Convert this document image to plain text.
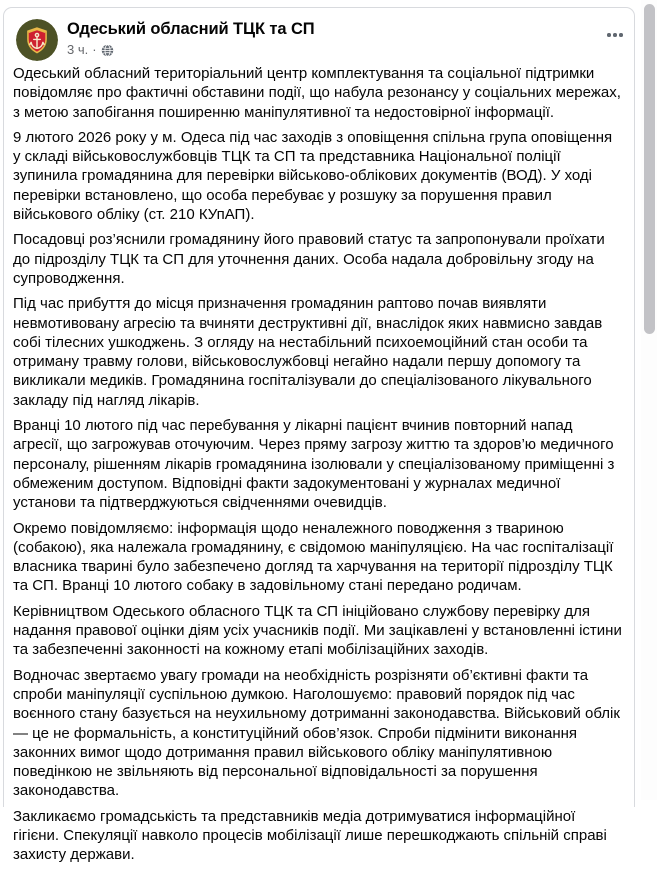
Одеський обласний ТЦК та СП
3 ч. ·

Одеський обласний територіальний центр комплектування та соціальної підтримки повідомляє про фактичні обставини події, що набула резонансу у соціальних мережах, з метою запобігання поширенню маніпулятивної та недостовірної інформації.

9 лютого 2026 року у м. Одеса під час заходів з оповіщення спільна група оповіщення у складі військовослужбовців ТЦК та СП та представника Національної поліції зупинила громадянина для перевірки військово-облікових документів (ВОД). У ході перевірки встановлено, що особа перебуває у розшуку за порушення правил військового обліку (ст. 210 КУпАП).

Посадовці роз’яснили громадянину його правовий статус та запропонували проїхати до підрозділу ТЦК та СП для уточнення даних. Особа надала добровільну згоду на супроводження.

Під час прибуття до місця призначення громадянин раптово почав виявляти невмотивовану агресію та вчиняти деструктивні дії, внаслідок яких навмисно завдав собі тілесних ушкоджень. З огляду на нестабільний психоемоційний стан особи та отриману травму голови, військовослужбовці негайно надали першу допомогу та викликали медиків. Громадянина госпіталізували до спеціалізованого лікувального закладу під нагляд лікарів.

Вранці 10 лютого під час перебування у лікарні пацієнт вчинив повторний напад агресії, що загрожував оточуючим. Через пряму загрозу життю та здоров’ю медичного персоналу, рішенням лікарів громадянина ізолювали у спеціалізованому приміщенні з обмеженим доступом. Відповідні факти задокументовані у журналах медичної установи та підтверджуються свідченнями очевидців.

Окремо повідомляємо: інформація щодо неналежного поводження з твариною (собакою), яка належала громадянину, є свідомою маніпуляцією. На час госпіталізації власника тварині було забезпечено догляд та харчування на території підрозділу ТЦК та СП. Вранці 10 лютого собаку в задовільному стані передано родичам.

Керівництвом Одеського обласного ТЦК та СП ініційовано службову перевірку для надання правової оцінки діям усіх учасників події. Ми зацікавлені у встановленні істини та забезпеченні законності на кожному етапі мобілізаційних заходів.

Водночас звертаємо увагу громади на необхідність розрізняти об’єктивні факти та спроби маніпуляції суспільною думкою. Наголошуємо: правовий порядок під час воєнного стану базується на неухильному дотриманні законодавства. Військовий облік — це не формальність, а конституційний обов’язок. Спроби підмінити виконання законних вимог щодо дотримання правил військового обліку маніпулятивною поведінкою не звільняють від персональної відповідальності за порушення законодавства.

Закликаємо громадськість та представників медіа дотримуватися інформаційної гігієни. Спекуляції навколо процесів мобілізації лише перешкоджають спільній справі захисту держави.
